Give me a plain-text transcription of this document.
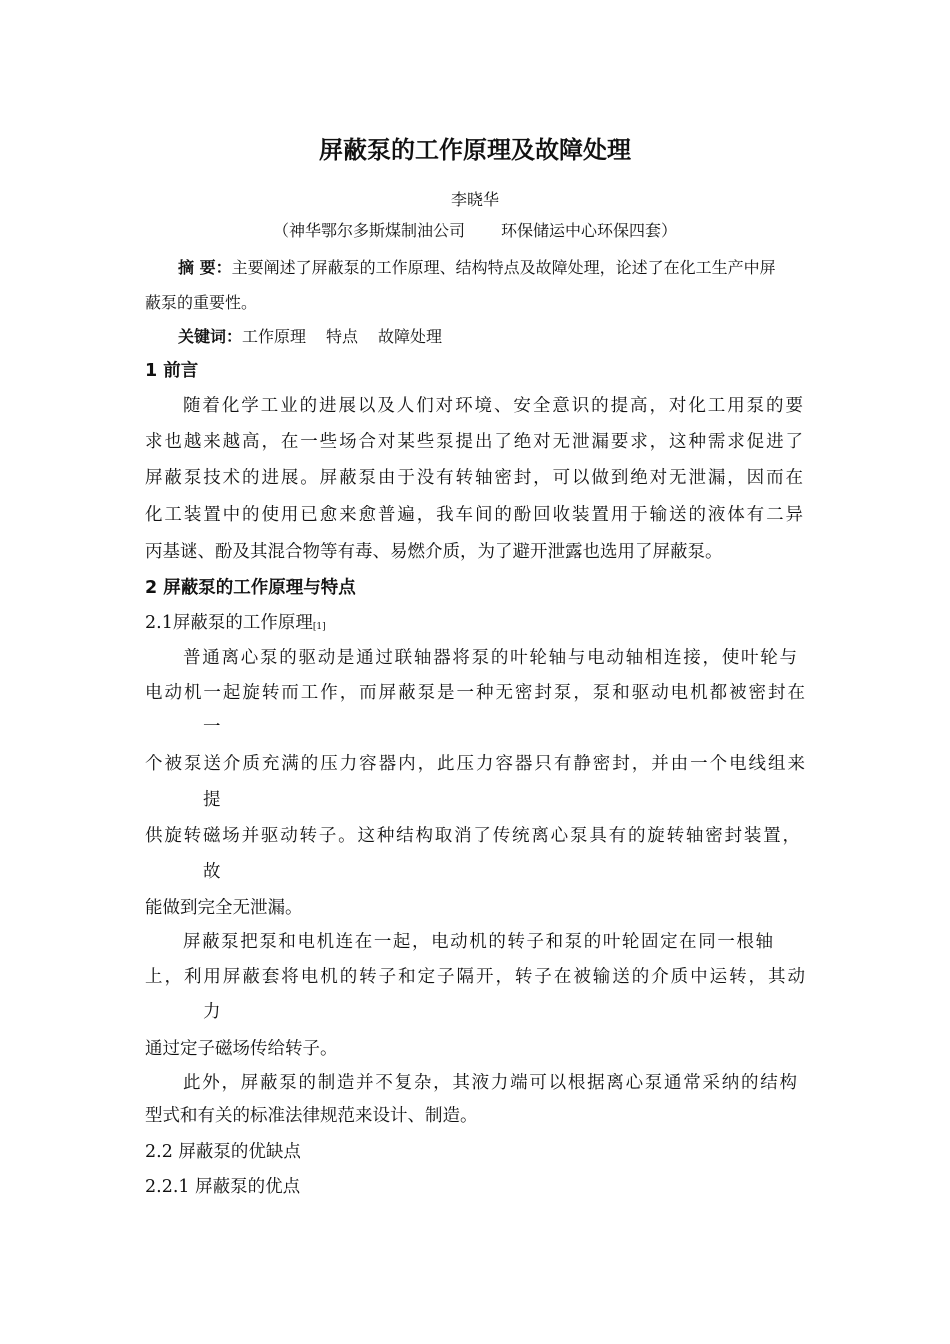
屏蔽泵的工作原理及故障处理
李晓华
（神华鄂尔多斯煤制油公司 环保储运中心环保四套）
摘 要：主要阐述了屏蔽泵的工作原理、结构特点及故障处理，论述了在化工生产中屏
蔽泵的重要性。
关键词：工作原理 特点 故障处理
1 前言
随着化学工业的进展以及人们对环境、安全意识的提高，对化工用泵的要
求也越来越高，在一些场合对某些泵提出了绝对无泄漏要求，这种需求促进了
屏蔽泵技术的进展。屏蔽泵由于没有转轴密封，可以做到绝对无泄漏，因而在
化工装置中的使用已愈来愈普遍，我车间的酚回收装置用于输送的液体有二异
丙基谜、酚及其混合物等有毒、易燃介质，为了避开泄露也选用了屏蔽泵。
2 屏蔽泵的工作原理与特点
2.1屏蔽泵的工作原理[1]
普通离心泵的驱动是通过联轴器将泵的叶轮轴与电动轴相连接，使叶轮与
电动机一起旋转而工作，而屏蔽泵是一种无密封泵，泵和驱动电机都被密封在
一
个被泵送介质充满的压力容器内，此压力容器只有静密封，并由一个电线组来
提
供旋转磁场并驱动转子。这种结构取消了传统离心泵具有的旋转轴密封装置，
故
能做到完全无泄漏。
屏蔽泵把泵和电机连在一起，电动机的转子和泵的叶轮固定在同一根轴
上，利用屏蔽套将电机的转子和定子隔开，转子在被输送的介质中运转，其动
力
通过定子磁场传给转子。
此外，屏蔽泵的制造并不复杂，其液力端可以根据离心泵通常采纳的结构
型式和有关的标准法律规范来设计、制造。
2.2 屏蔽泵的优缺点
2.2.1 屏蔽泵的优点
